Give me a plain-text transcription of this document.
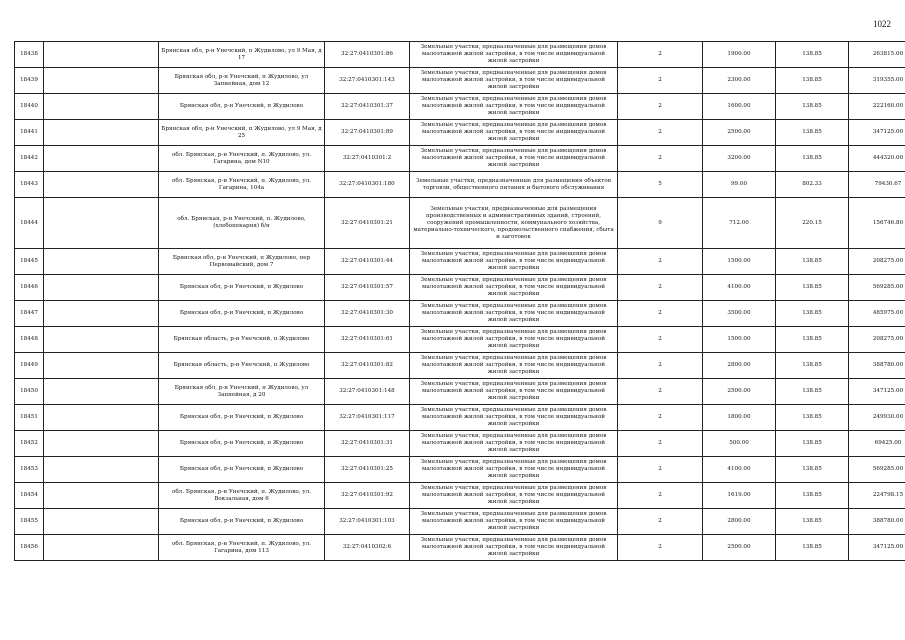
1022
18438		Брянская обл, р-н Унечский, п Жудилово, ул 9 Мая, д 17	32:27:0410301:86	Земельные участки, предназначенные для размещения домов малоэтажной жилой застройки, в том числе индивидуальной жилой застройки	2	1900.00	138.85	263815.00
18439		Брянская обл, р-н Унечский, п Жудилово, ул Запнейная, дом 12	32:27:0410301:143	Земельные участки, предназначенные для размещения домов малоэтажной жилой застройки, в том числе индивидуальной жилой застройки	2	2300.00	138.85	319355.00
18440		Брянская обл, р-н Унечский, п Жудилово	32:27:0410301:37	Земельные участки, предназначенные для размещения домов малоэтажной жилой застройки, в том числе индивидуальной жилой застройки	2	1600.00	138.85	222160.00
18441		Брянская обл, р-н Унечский, п Жудилово, ул 9 Мая, д 25	32:27:0410301:89	Земельные участки, предназначенные для размещения домов малоэтажной жилой застройки, в том числе индивидуальной жилой застройки	2	2500.00	138.85	347125.00
18442		обл. Брянская, р-н Унечский, п. Жудилово, ул. Гагарина, дом N10	32:27:0410301:2	Земельные участки, предназначенные для размещения домов малоэтажной жилой застройки, в том числе индивидуальной жилой застройки	2	3200.00	138.85	444320.00
18443		обл. Брянская, р-н Унечский, п. Жудилово, ул. Гагарина, 104а	32:27:0410301:180	Земельные участки, предназначенные для размещения объектов торговли, общественного питания и бытового обслуживания	5	99.00	802.33	79430.67
18444		обл. Брянская, р-н Унечский, п. Жудилово, (хлебопекарня) б/н	32:27:0410301:21	Земельные участки, предназначенные для размещения производственных и административных зданий, строений, сооружений промышленности, коммунального хозяйства, материально-технического, продовольственного снабжения, сбыта и заготовок	9	712.00	220.15	156746.80
18445		Брянская обл, р-н Унечский, п Жудилово, пер Первомайский, дом 7	32:27:0410301:44	Земельные участки, предназначенные для размещения домов малоэтажной жилой застройки, в том числе индивидуальной жилой застройки	2	1500.00	138.85	208275.00
18446		Брянская обл, р-н Унечский, п Жудилово	32:27:0410301:57	Земельные участки, предназначенные для размещения домов малоэтажной жилой застройки, в том числе индивидуальной жилой застройки	2	4100.00	138.85	569285.00
18447		Брянская обл, р-н Унечский, п Жудилово	32:27:0410301:30	Земельные участки, предназначенные для размещения домов малоэтажной жилой застройки, в том числе индивидуальной жилой застройки	2	3500.00	138.85	485975.00
18448		Брянская область, р-н Унечский, п Жудилово	32:27:0410301:61	Земельные участки, предназначенные для размещения домов малоэтажной жилой застройки, в том числе индивидуальной жилой застройки	2	1500.00	138.85	208275.00
18449		Брянская область, р-н Унечский, п Жудилово	32:27:0410301:82	Земельные участки, предназначенные для размещения домов малоэтажной жилой застройки, в том числе индивидуальной жилой застройки	2	2800.00	138.85	388780.00
18450		Брянская обл, р-н Унечский, п Жудилово, ул Запнейная, д 20	32:27:0410301:148	Земельные участки, предназначенные для размещения домов малоэтажной жилой застройки, в том числе индивидуальной жилой застройки	2	2500.00	138.85	347125.00
18451		Брянская обл, р-н Унечский, п Жудилово	32:27:0410301:117	Земельные участки, предназначенные для размещения домов малоэтажной жилой застройки, в том числе индивидуальной жилой застройки	2	1800.00	138.85	249930.00
18452		Брянская обл, р-н Унечский, п Жудилово	32:27:0410301:31	Земельные участки, предназначенные для размещения домов малоэтажной жилой застройки, в том числе индивидуальной жилой застройки	2	500.00	138.85	69425.00
18453		Брянская обл, р-н Унечский, п Жудилово	32:27:0410301:25	Земельные участки, предназначенные для размещения домов малоэтажной жилой застройки, в том числе индивидуальной жилой застройки	2	4100.00	138.85	569285.00
18454		обл. Брянская, р-н Унечский, п. Жудилово, ул. Вокзальная, дом 6	32:27:0410301:92	Земельные участки, предназначенные для размещения домов малоэтажной жилой застройки, в том числе индивидуальной жилой застройки	2	1619.00	138.85	224798.15
18455		Брянская обл, р-н Унечский, п Жудилово	32:27:0410301:103	Земельные участки, предназначенные для размещения домов малоэтажной жилой застройки, в том числе индивидуальной жилой застройки	2	2800.00	138.85	388780.00
18456		обл. Брянская, р-н Унечский, п. Жудилово, ул. Гагарина, дом 113	32:27:0410302:6	Земельные участки, предназначенные для размещения домов малоэтажной жилой застройки, в том числе индивидуальной жилой застройки	2	2500.00	138.85	347125.00
